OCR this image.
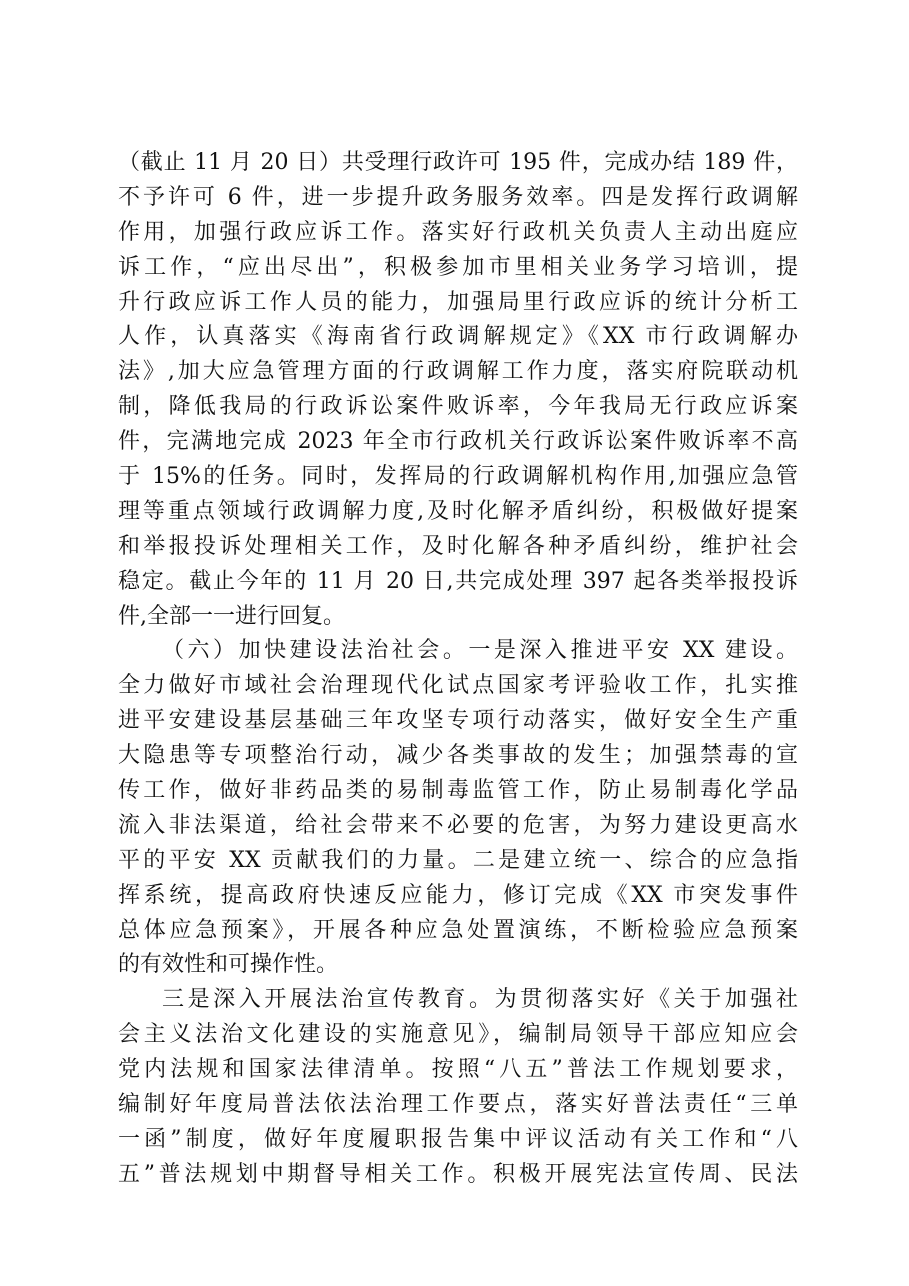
（截止 11 月 20 日）共受理行政许可 195 件，完成办结 189 件，
不予许可 6 件，进一步提升政务服务效率。四是发挥行政调解
作用，加强行政应诉工作。落实好行政机关负责人主动出庭应
诉工作，“应出尽出”，积极参加市里相关业务学习培训，提
升行政应诉工作人员的能力，加强局里行政应诉的统计分析工
人作，认真落实《海南省行政调解规定》《XX 市行政调解办
法》,加大应急管理方面的行政调解工作力度，落实府院联动机
制，降低我局的行政诉讼案件败诉率，今年我局无行政应诉案
件，完满地完成 2023 年全市行政机关行政诉讼案件败诉率不高
于 15%的任务。同时，发挥局的行政调解机构作用,加强应急管
理等重点领域行政调解力度,及时化解矛盾纠纷，积极做好提案
和举报投诉处理相关工作，及时化解各种矛盾纠纷，维护社会
稳定。截止今年的 11 月 20 日,共完成处理 397 起各类举报投诉
件,全部一一进行回复。
（六）加快建设法治社会。一是深入推进平安 XX 建设。
全力做好市域社会治理现代化试点国家考评验收工作，扎实推
进平安建设基层基础三年攻坚专项行动落实，做好安全生产重
大隐患等专项整治行动，减少各类事故的发生；加强禁毒的宣
传工作，做好非药品类的易制毒监管工作，防止易制毒化学品
流入非法渠道，给社会带来不必要的危害，为努力建设更高水
平的平安 XX 贡献我们的力量。二是建立统一、综合的应急指
挥系统，提高政府快速反应能力，修订完成《XX 市突发事件
总体应急预案》，开展各种应急处置演练，不断检验应急预案
的有效性和可操作性。
三是深入开展法治宣传教育。为贯彻落实好《关于加强社
会主义法治文化建设的实施意见》，编制局领导干部应知应会
党内法规和国家法律清单。按照“八五”普法工作规划要求，
编制好年度局普法依法治理工作要点，落实好普法责任“三单
一函”制度，做好年度履职报告集中评议活动有关工作和“八
五”普法规划中期督导相关工作。积极开展宪法宣传周、民法
